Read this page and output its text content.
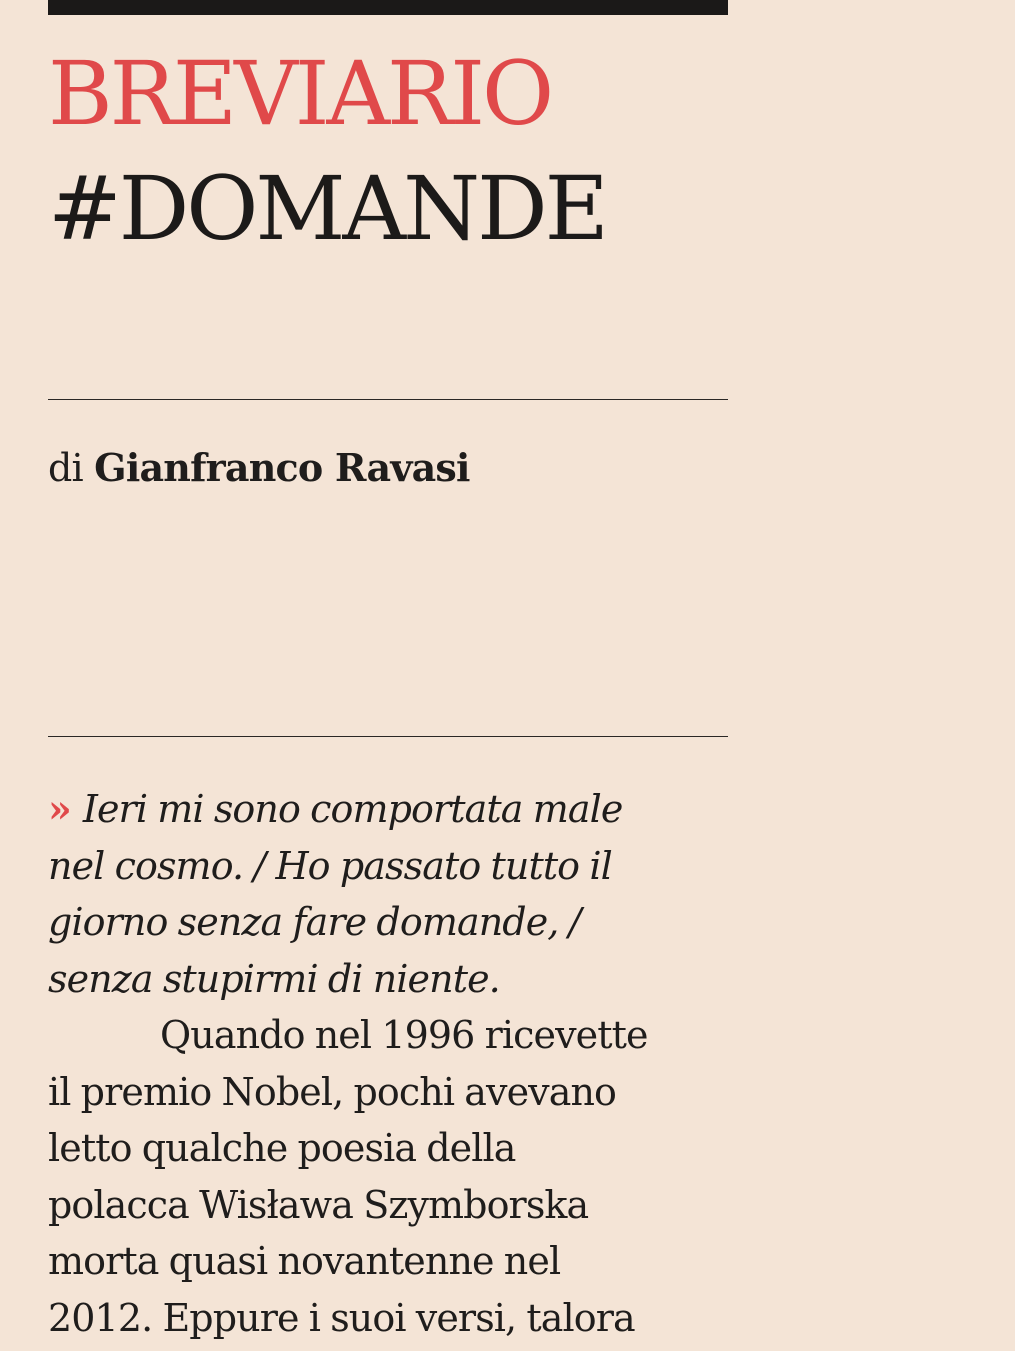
BREVIARIO
#DOMANDE
di Gianfranco Ravasi
» Ieri mi sono comportata male
nel cosmo. / Ho passato tutto il
giorno senza fare domande, /
senza stupirmi di niente.
Quando nel 1996 ricevette
il premio Nobel, pochi avevano
letto qualche poesia della
polacca Wisława Szymborska
morta quasi novantenne nel
2012. Eppure i suoi versi, talora
